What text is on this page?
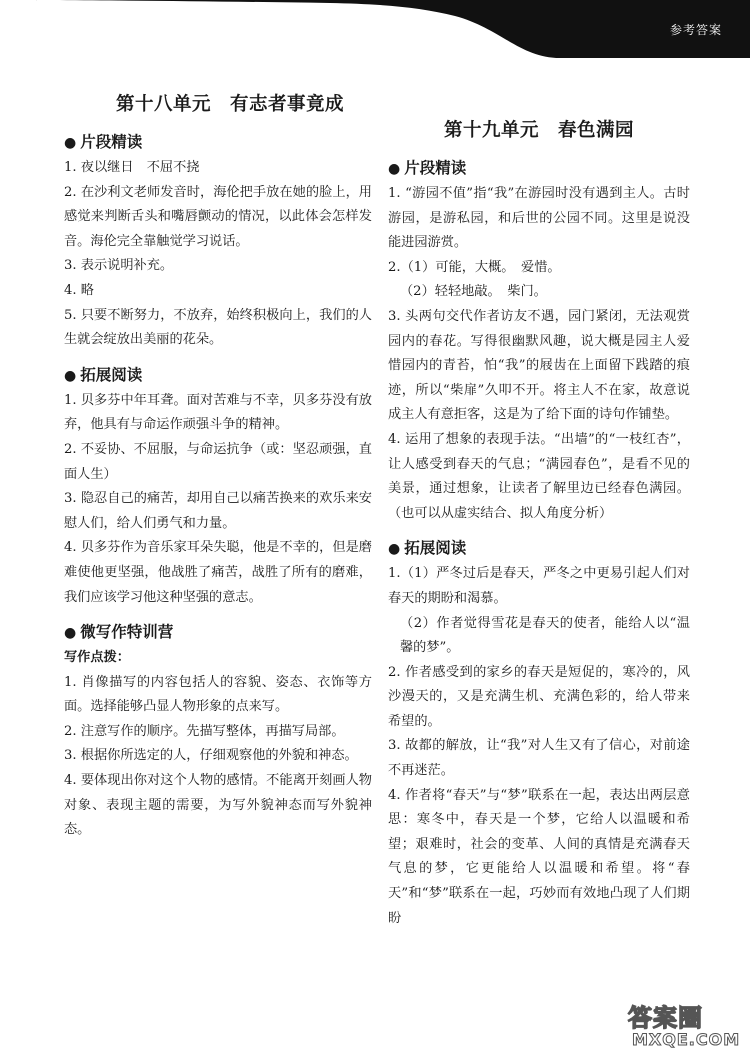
参考答案
第十八单元　有志者事竟成
● 片段精读

1. 夜以继日　不屈不挠

2. 在沙利文老师发音时，海伦把手放在她的脸上，用感觉来判断舌头和嘴唇颤动的情况，以此体会怎样发音。海伦完全靠触觉学习说话。

3. 表示说明补充。

4. 略

5. 只要不断努力，不放弃，始终积极向上，我们的人生就会绽放出美丽的花朵。

● 拓展阅读

1. 贝多芬中年耳聋。面对苦难与不幸，贝多芬没有放弃，他具有与命运作顽强斗争的精神。

2. 不妥协、不屈服，与命运抗争（或：坚忍顽强，直面人生）

3. 隐忍自己的痛苦，却用自己以痛苦换来的欢乐来安慰人们，给人们勇气和力量。

4. 贝多芬作为音乐家耳朵失聪，他是不幸的，但是磨难使他更坚强，他战胜了痛苦，战胜了所有的磨难，我们应该学习他这种坚强的意志。

● 微写作特训营

写作点拨：

1. 肖像描写的内容包括人的容貌、姿态、衣饰等方面。选择能够凸显人物形象的点来写。

2. 注意写作的顺序。先描写整体，再描写局部。

3. 根据你所选定的人，仔细观察他的外貌和神态。

4. 要体现出你对这个人物的感情。不能离开刻画人物对象、表现主题的需要，为写外貌神态而写外貌神态。

第十九单元　春色满园
● 片段精读

1. “游园不值”指“我”在游园时没有遇到主人。古时游园，是游私园，和后世的公园不同。这里是说没能进园游赏。

2.（1）可能，大概。　爱惜。

（2）轻轻地敲。　柴门。

3. 头两句交代作者访友不遇，园门紧闭，无法观赏园内的春花。写得很幽默风趣，说大概是园主人爱惜园内的青苔，怕“我”的屐齿在上面留下践踏的痕迹，所以“柴扉”久叩不开。将主人不在家，故意说成主人有意拒客，这是为了给下面的诗句作铺垫。

4. 运用了想象的表现手法。“出墙”的“一枝红杏”，让人感受到春天的气息；“满园春色”，是看不见的美景，通过想象，让读者了解里边已经春色满园。（也可以从虚实结合、拟人角度分析）

● 拓展阅读

1.（1）严冬过后是春天，严冬之中更易引起人们对春天的期盼和渴慕。

（2）作者觉得雪花是春天的使者，能给人以“温馨的梦”。

2. 作者感受到的家乡的春天是短促的，寒冷的，风沙漫天的，又是充满生机、充满色彩的，给人带来希望的。

3. 故都的解放，让“我”对人生又有了信心，对前途不再迷茫。

4. 作者将“春天”与“梦”联系在一起，表达出两层意思：寒冬中，春天是一个梦，它给人以温暖和希望；艰难时，社会的变革、人间的真情是充满春天气息的梦，它更能给人以温暖和希望。将“春天”和“梦”联系在一起，巧妙而有效地凸现了人们期盼

答案圈
MXQE.COM
